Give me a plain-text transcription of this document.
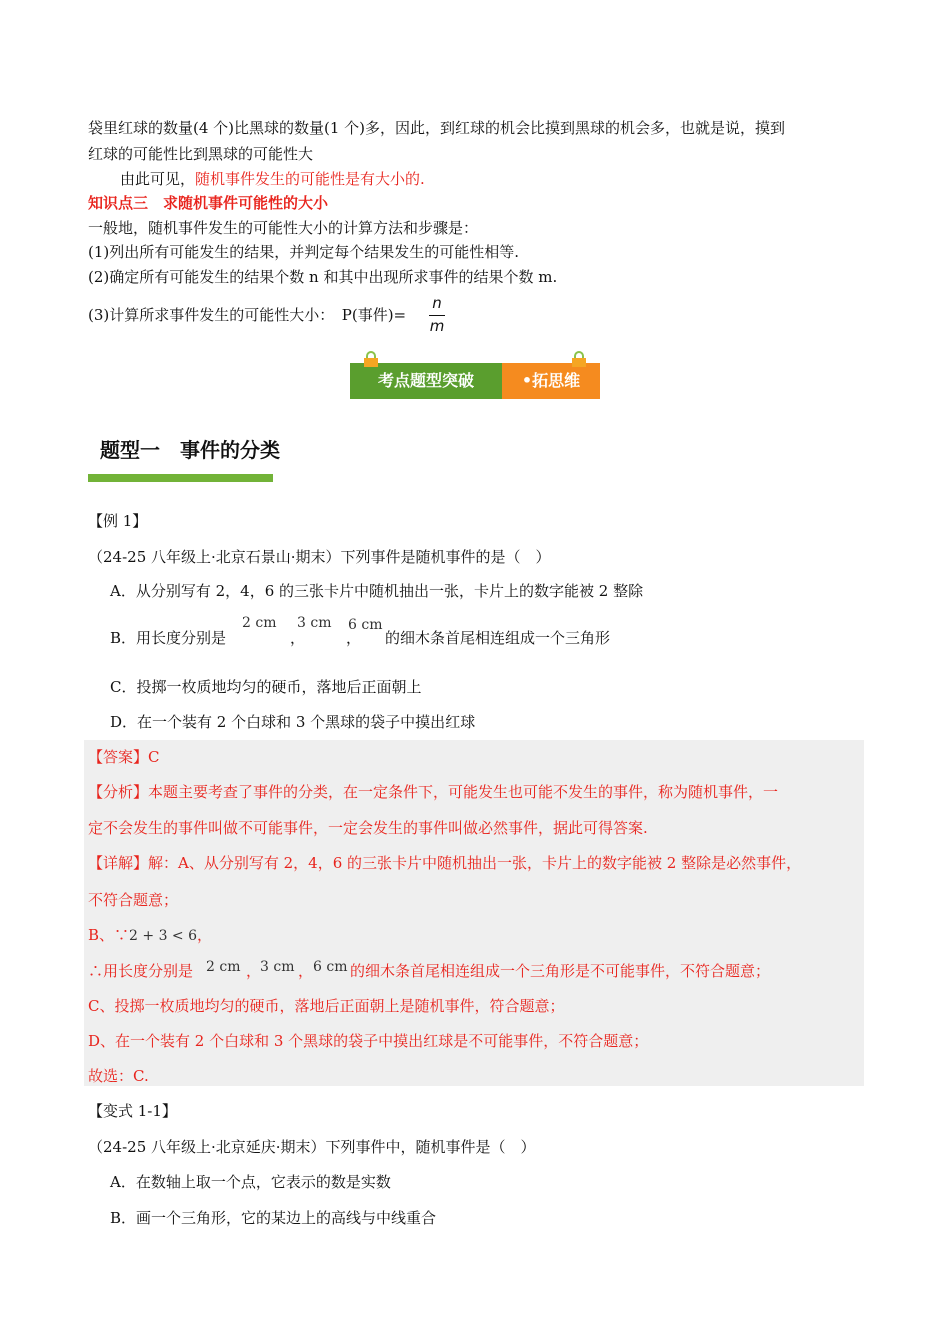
袋里红球的数量(4 个)比黑球的数量(1 个)多，因此，到红球的机会比摸到黑球的机会多，也就是说，摸到
红球的可能性比到黑球的可能性大
由此可见，随机事件发生的可能性是有大小的.
知识点三　求随机事件可能性的大小
一般地，随机事件发生的可能性大小的计算方法和步骤是：
(1)列出所有可能发生的结果，并判定每个结果发生的可能性相等.
(2)确定所有可能发生的结果个数 n 和其中出现所求事件的结果个数 m.
(3)计算所求事件发生的可能性大小：　P(事件)=
n
m
考点题型突破	•拓思维
题型一　事件的分类
【例 1】
（24-25 八年级上·北京石景山·期末）下列事件是随机事件的是（　）
A．从分别写有 2，4，6 的三张卡片中随机抽出一张，卡片上的数字能被 2 整除
B．用长度分别是
2 cm
，
3 cm
，
6 cm
的细木条首尾相连组成一个三角形
C．投掷一枚质地均匀的硬币，落地后正面朝上
D．在一个装有 2 个白球和 3 个黑球的袋子中摸出红球
【答案】C
【分析】本题主要考查了事件的分类，在一定条件下，可能发生也可能不发生的事件，称为随机事件，一
定不会发生的事件叫做不可能事件，一定会发生的事件叫做必然事件，据此可得答案.
【详解】解：A、从分别写有 2，4，6 的三张卡片中随机抽出一张，卡片上的数字能被 2 整除是必然事件，
不符合题意；
B、∵2 + 3 < 6，
∴用长度分别是 2 cm ，
3 cm ， 6 cm 的细木条首尾相连组成一个三角形是不可能事件，不符合题意；
C、投掷一枚质地均匀的硬币，落地后正面朝上是随机事件，符合题意；
D、在一个装有 2 个白球和 3 个黑球的袋子中摸出红球是不可能事件，不符合题意；
故选：C.
【变式 1-1】
（24-25 八年级上·北京延庆·期末）下列事件中，随机事件是（　）
A．在数轴上取一个点，它表示的数是实数
B．画一个三角形，它的某边上的高线与中线重合
